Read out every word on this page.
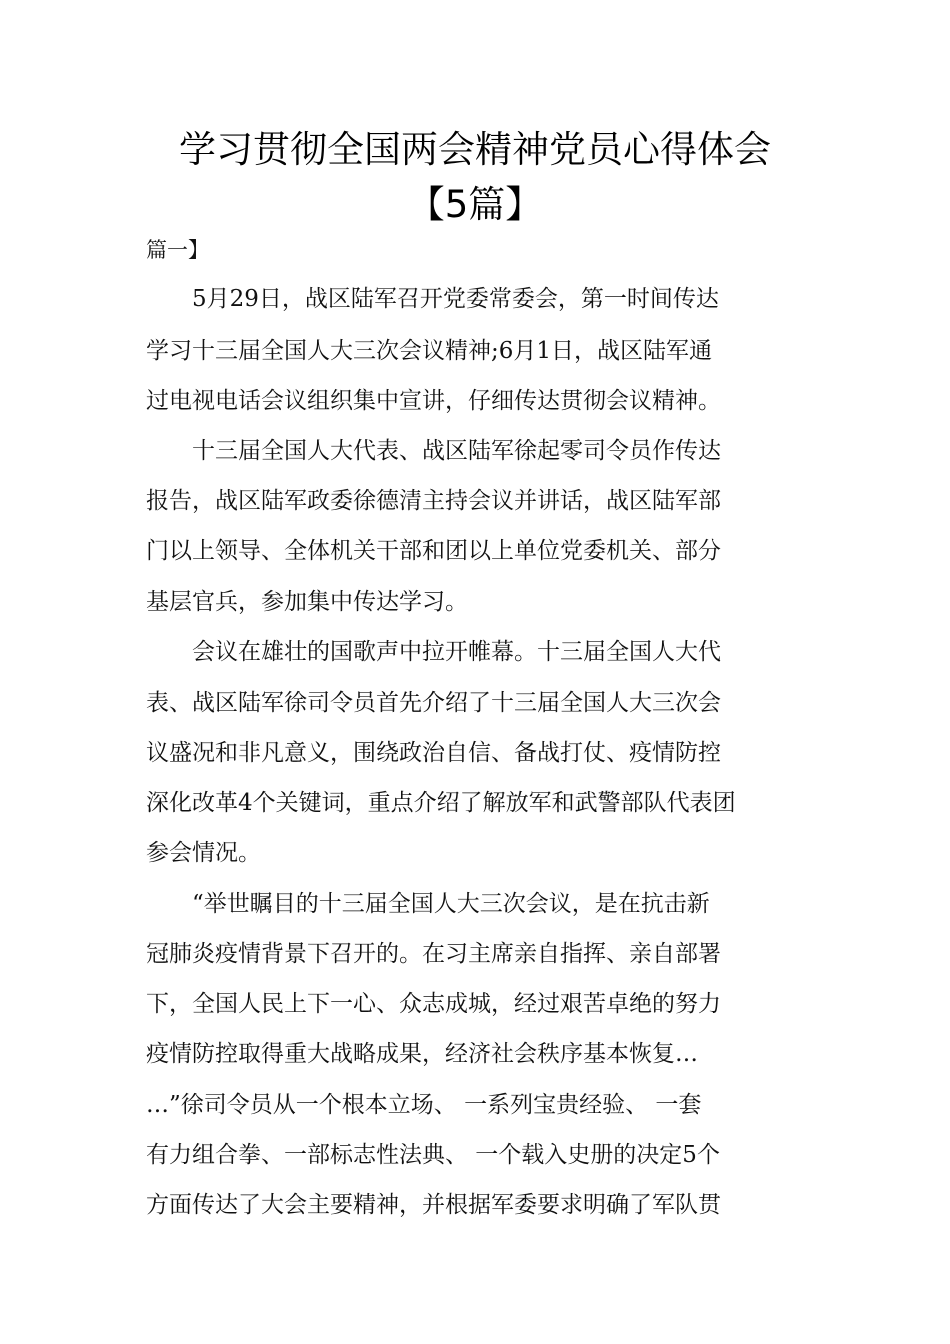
学习贯彻全国两会精神党员心得体会
【5篇】
篇一】
　　5月29日，战区陆军召开党委常委会，第一时间传达
学习十三届全国人大三次会议精神;6月1日，战区陆军通
过电视电话会议组织集中宣讲，仔细传达贯彻会议精神。
　　十三届全国人大代表、战区陆军徐起零司令员作传达
报告，战区陆军政委徐德清主持会议并讲话，战区陆军部
门以上领导、全体机关干部和团以上单位党委机关、部分
基层官兵，参加集中传达学习。
　　会议在雄壮的国歌声中拉开帷幕。十三届全国人大代
表、战区陆军徐司令员首先介绍了十三届全国人大三次会
议盛况和非凡意义，围绕政治自信、备战打仗、疫情防控
深化改革4个关键词，重点介绍了解放军和武警部队代表团
参会情况。
　　“举世瞩目的十三届全国人大三次会议，是在抗击新
冠肺炎疫情背景下召开的。在习主席亲自指挥、亲自部署
下，全国人民上下一心、众志成城，经过艰苦卓绝的努力
疫情防控取得重大战略成果，经济社会秩序基本恢复…
…”徐司令员从一个根本立场、 一系列宝贵经验、 一套
有力组合拳、一部标志性法典、 一个载入史册的决定5个
方面传达了大会主要精神，并根据军委要求明确了军队贯
